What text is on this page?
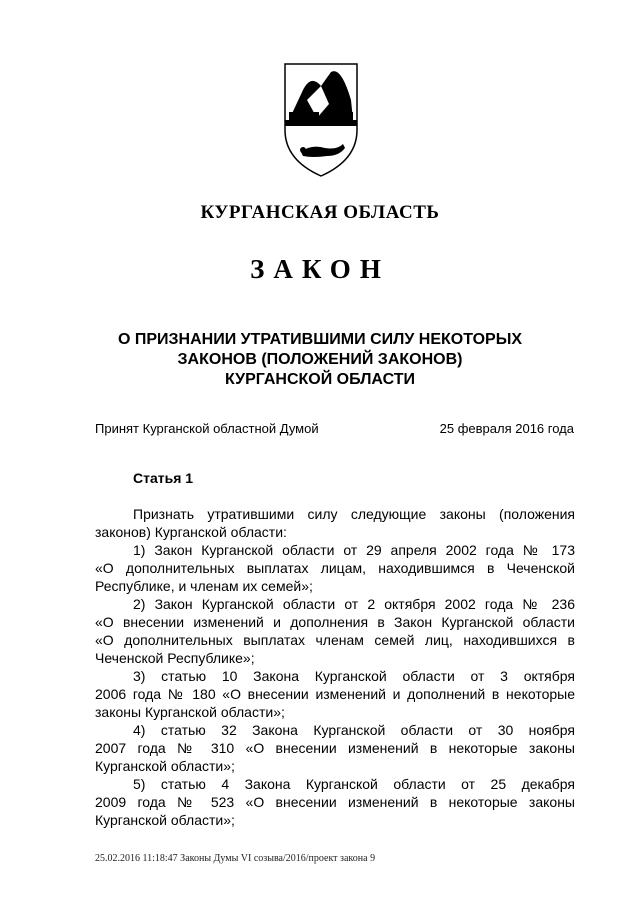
КУРГАНСКАЯ ОБЛАСТЬ
ЗАКОН
О ПРИЗНАНИИ УТРАТИВШИМИ СИЛУ НЕКОТОРЫХ
ЗАКОНОВ (ПОЛОЖЕНИЙ ЗАКОНОВ)
КУРГАНСКОЙ ОБЛАСТИ
Принят Курганской областной Думой	25 февраля 2016 года
Статья 1
Признать утратившими силу следующие законы (положения
законов) Курганской области:
1) Закон Курганской области от 29 апреля 2002 года № 173
«О дополнительных выплатах лицам, находившимся в Чеченской
Республике, и членам их семей»;
2) Закон Курганской области от 2 октября 2002 года № 236
«О внесении изменений и дополнения в Закон Курганской области
«О дополнительных выплатах членам семей лиц, находившихся в
Чеченской Республике»;
3) статью 10 Закона Курганской области от 3 октября
2006 года № 180 «О внесении изменений и дополнений в некоторые
законы Курганской области»;
4) статью 32 Закона Курганской области от 30 ноября
2007 года № 310 «О внесении изменений в некоторые законы
Курганской области»;
5) статью 4 Закона Курганской области от 25 декабря
2009 года № 523 «О внесении изменений в некоторые законы
Курганской области»;
25.02.2016 11:18:47 Законы Думы VI созыва/2016/проект закона 9
